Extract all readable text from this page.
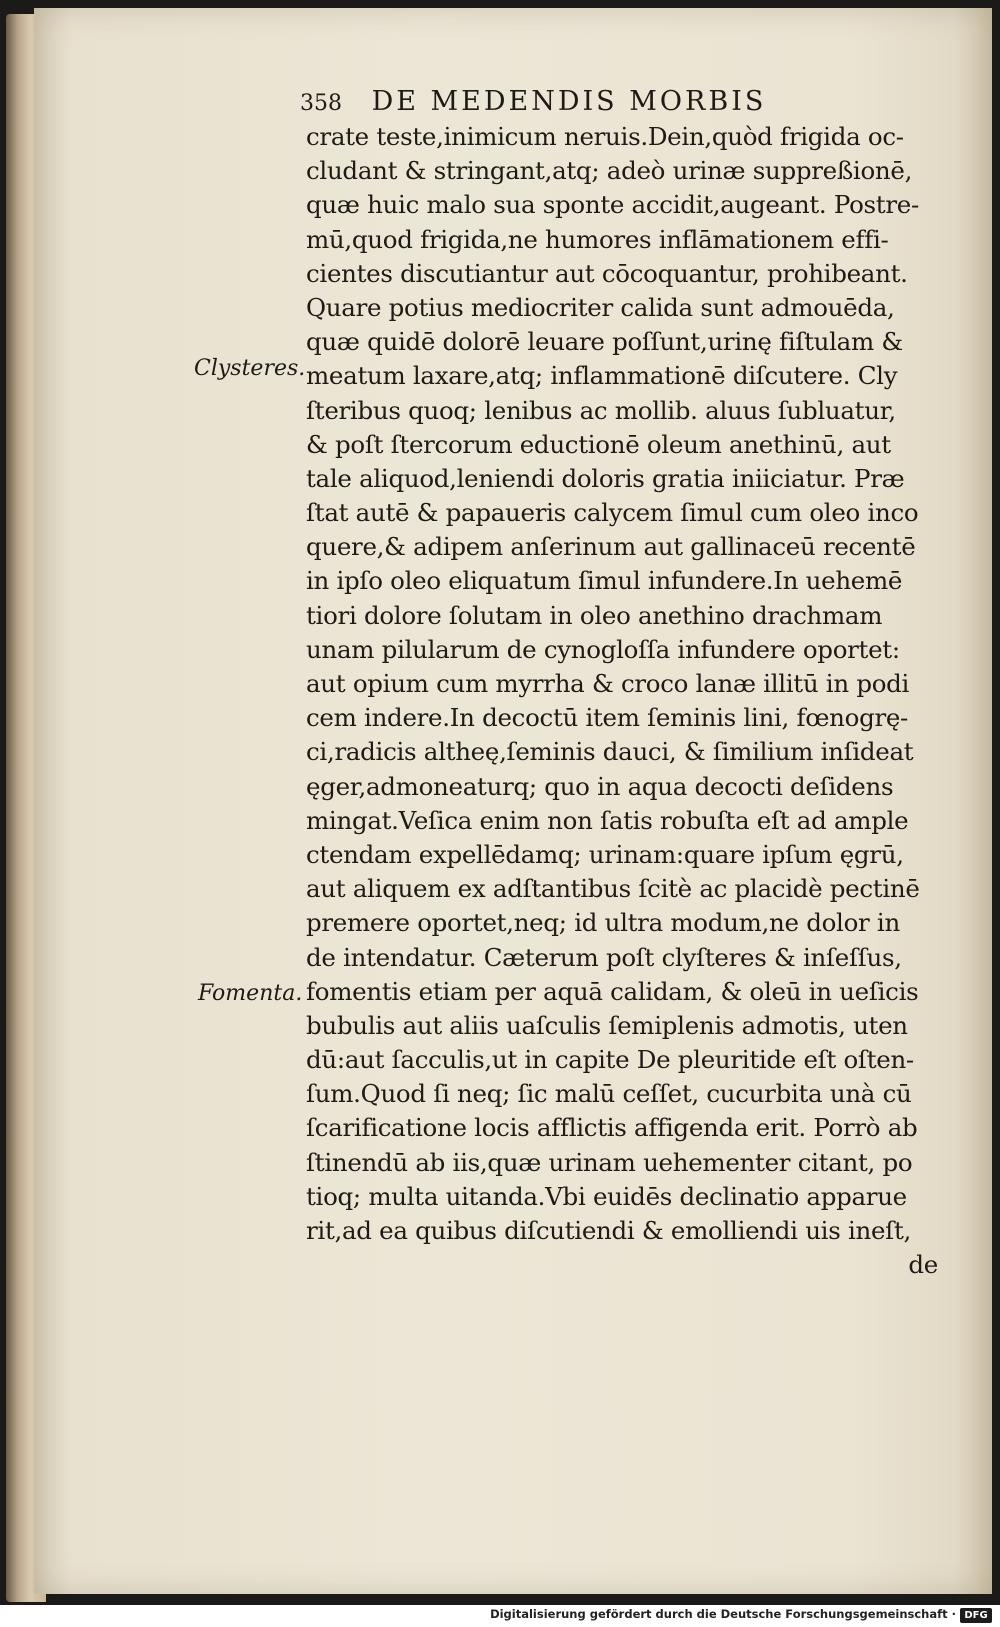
358 DE MEDENDIS MORBIS
Clysteres.
Fomenta.
crate teste,inimicum neruis.Dein,quòd frigida oc-
cludant & stringant,atq; adeò urinæ suppreßionē,
quæ huic malo sua sponte accidit,augeant. Postre-
mū,quod frigida,ne humores inflāmationem effi-
cientes discutiantur aut cōcoquantur, prohibeant.
Quare potius mediocriter calida sunt admouēda,
quæ quidē dolorē leuare poſſunt,urinę fiſtulam &
meatum laxare,atq; inflammationē diſcutere. Cly
ſteribus quoq; lenibus ac mollib. aluus ſubluatur,
& poſt ſtercorum eductionē oleum anethinū, aut
tale aliquod,leniendi doloris gratia iniiciatur. Præ
ſtat autē & papaueris calycem ſimul cum oleo inco
quere,& adipem anſerinum aut gallinaceū recentē
in ipſo oleo eliquatum ſimul infundere.In uehemē
tiori dolore ſolutam in oleo anethino drachmam
unam pilularum de cynogloſſa infundere oportet:
aut opium cum myrrha & croco lanæ illitū in podi
cem indere.In decoctū item ſeminis lini, fœnogrę-
ci,radicis altheę,ſeminis dauci, & ſimilium inſideat
ęger,admoneaturq; quo in aqua decocti deſidens
mingat.Veſica enim non ſatis robuſta eſt ad ample
ctendam expellēdamq; urinam:quare ipſum ęgrū,
aut aliquem ex adſtantibus ſcitè ac placidè pectinē
premere oportet,neq; id ultra modum,ne dolor in
de intendatur. Cæterum poſt clyſteres & inſeſſus,
fomentis etiam per aquā calidam, & oleū in ueſicis
bubulis aut aliis uaſculis ſemiplenis admotis, uten
dū:aut ſacculis,ut in capite De pleuritide eſt oſten-
ſum.Quod ſi neq; ſic malū ceſſet, cucurbita unà cū
ſcarificatione locis afflictis affigenda erit. Porrò ab
ſtinendū ab iis,quæ urinam uehementer citant, po
tioq; multa uitanda.Vbi euidēs declinatio apparue
rit,ad ea quibus diſcutiendi & emolliendi uis ineſt,
de
Digitalisierung gefördert durch die Deutsche Forschungsgemeinschaft · DFG
